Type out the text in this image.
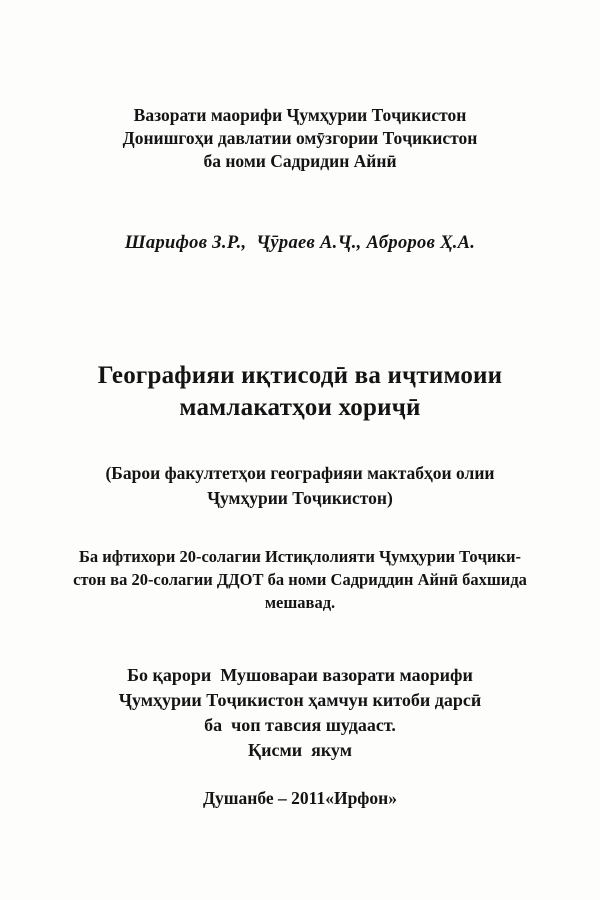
Вазорати маорифи Ҷумҳурии Тоҷикистон
Донишгоҳи давлатии омӯзгории Тоҷикистон
ба номи Садридин Айнӣ
Шарифов З.Р.,  Ҷӯраев А.Ҷ., Аброров Ҳ.А.
Географияи иқтисодӣ ва иҷтимоии
мамлакатҳои хориҷӣ
(Барои факултетҳои географияи мактабҳои олии
Ҷумҳурии Тоҷикистон)
Ба ифтихори 20-солагии Истиқлолияти Ҷумҳурии Тоҷики-
стон ва 20-солагии ДДОТ ба номи Садриддин Айнӣ бахшида
мешавад.
Бо қарори  Мушовараи вазорати маорифи
Ҷумҳурии Тоҷикистон ҳамчун китоби дарсӣ
ба  чоп тавсия шудааст.
Қисми  якум
Душанбе – 2011«Ирфон»
